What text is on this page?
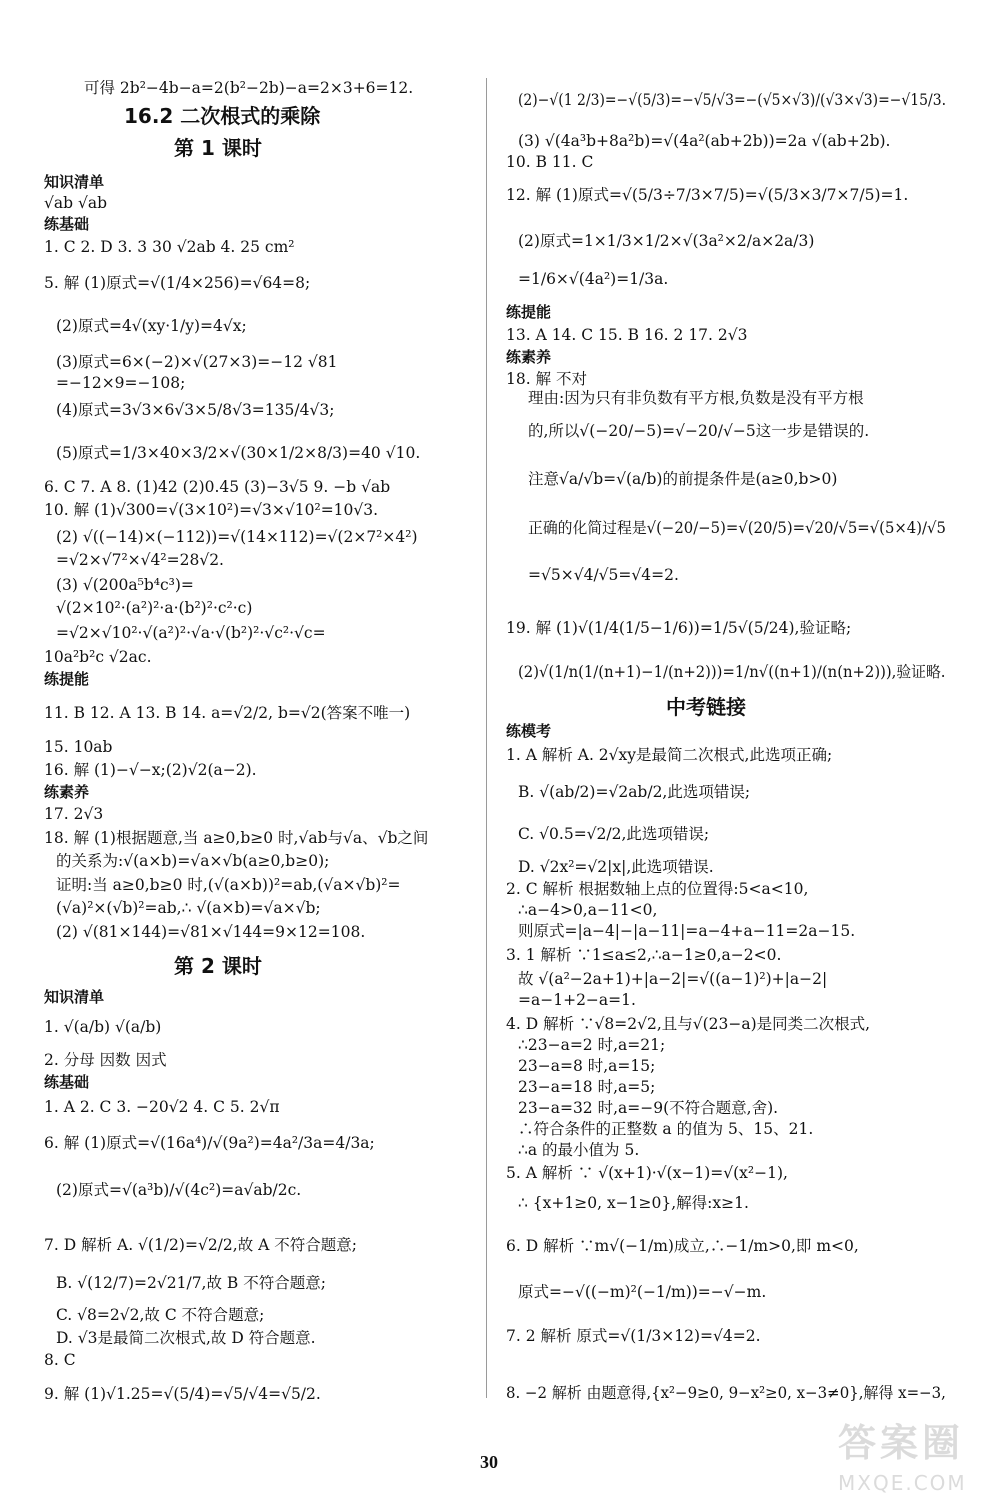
16.2 二次根式的乘除
第 1 课时
第 2 课时
可得 2b²−4b−a=2(b²−2b)−a=2×3+6=12.
知识清单
√ab √ab
练基础
1. C 2. D 3. 3 30 √2ab 4. 25 cm²
5. 解 (1)原式=√(1/4×256)=√64=8;
(2)原式=4√(xy·1/y)=4√x;
(3)原式=6×(−2)×√(27×3)=−12 √81
=−12×9=−108;
(4)原式=3√3×6√3×5/8√3=135/4√3;
(5)原式=1/3×40×3/2×√(30×1/2×8/3)=40 √10.
6. C 7. A 8. (1)42 (2)0.45 (3)−3√5 9. −b √ab
10. 解 (1)√300=√(3×10²)=√3×√10²=10√3.
(2) √((−14)×(−112))=√(14×112)=√(2×7²×4²)
=√2×√7²×√4²=28√2.
(3) √(200a⁵b⁴c³)=
√(2×10²·(a²)²·a·(b²)²·c²·c)
=√2×√10²·√(a²)²·√a·√(b²)²·√c²·√c=
10a²b²c √2ac.
练提能
11. B 12. A 13. B 14. a=√2/2, b=√2(答案不唯一)
15. 10ab
16. 解 (1)−√−x;(2)√2(a−2).
练素养
17. 2√3
18. 解 (1)根据题意,当 a≥0,b≥0 时,√ab与√a、√b之间
的关系为:√(a×b)=√a×√b(a≥0,b≥0);
证明:当 a≥0,b≥0 时,(√(a×b))²=ab,(√a×√b)²=
(√a)²×(√b)²=ab,∴ √(a×b)=√a×√b;
(2) √(81×144)=√81×√144=9×12=108.
知识清单
1. √(a/b) √(a/b)
2. 分母 因数 因式
练基础
1. A 2. C 3. −20√2 4. C 5. 2√π
6. 解 (1)原式=√(16a⁴)/√(9a²)=4a²/3a=4/3a;
(2)原式=√(a³b)/√(4c²)=a√ab/2c.
7. D 解析 A. √(1/2)=√2/2,故 A 不符合题意;
B. √(12/7)=2√21/7,故 B 不符合题意;
C. √8=2√2,故 C 不符合题意;
D. √3是最简二次根式,故 D 符合题意.
8. C
9. 解 (1)√1.25=√(5/4)=√5/√4=√5/2.
中考链接
(2)−√(1 2/3)=−√(5/3)=−√5/√3=−(√5×√3)/(√3×√3)=−√15/3.
(3) √(4a³b+8a²b)=√(4a²(ab+2b))=2a √(ab+2b).
10. B 11. C
12. 解 (1)原式=√(5/3÷7/3×7/5)=√(5/3×3/7×7/5)=1.
(2)原式=1×1/3×1/2×√(3a²×2/a×2a/3)
=1/6×√(4a²)=1/3a.
练提能
13. A 14. C 15. B 16. 2 17. 2√3
练素养
18. 解 不对
理由:因为只有非负数有平方根,负数是没有平方根
的,所以√(−20/−5)=√−20/√−5这一步是错误的.
注意√a/√b=√(a/b)的前提条件是(a≥0,b>0)
正确的化简过程是√(−20/−5)=√(20/5)=√20/√5=√(5×4)/√5
=√5×√4/√5=√4=2.
19. 解 (1)√(1/4(1/5−1/6))=1/5√(5/24),验证略;
(2)√(1/n(1/(n+1)−1/(n+2)))=1/n√((n+1)/(n(n+2))),验证略.
练模考
1. A 解析 A. 2√xy是最简二次根式,此选项正确;
B. √(ab/2)=√2ab/2,此选项错误;
C. √0.5=√2/2,此选项错误;
D. √2x²=√2|x|,此选项错误.
2. C 解析 根据数轴上点的位置得:5<a<10,
∴a−4>0,a−11<0,
则原式=|a−4|−|a−11|=a−4+a−11=2a−15.
3. 1 解析 ∵1≤a≤2,∴a−1≥0,a−2<0.
故 √(a²−2a+1)+|a−2|=√((a−1)²)+|a−2|
=a−1+2−a=1.
4. D 解析 ∵√8=2√2,且与√(23−a)是同类二次根式,
∴23−a=2 时,a=21;
23−a=8 时,a=15;
23−a=18 时,a=5;
23−a=32 时,a=−9(不符合题意,舍).
∴符合条件的正整数 a 的值为 5、15、21.
∴a 的最小值为 5.
5. A 解析 ∵ √(x+1)·√(x−1)=√(x²−1),
∴ {x+1≥0, x−1≥0},解得:x≥1.
6. D 解析 ∵m√(−1/m)成立,∴−1/m>0,即 m<0,
原式=−√((−m)²(−1/m))=−√−m.
7. 2 解析 原式=√(1/3×12)=√4=2.
8. −2 解析 由题意得,{x²−9≥0, 9−x²≥0, x−3≠0},解得 x=−3,
30	答案圈
MXQE.COM
